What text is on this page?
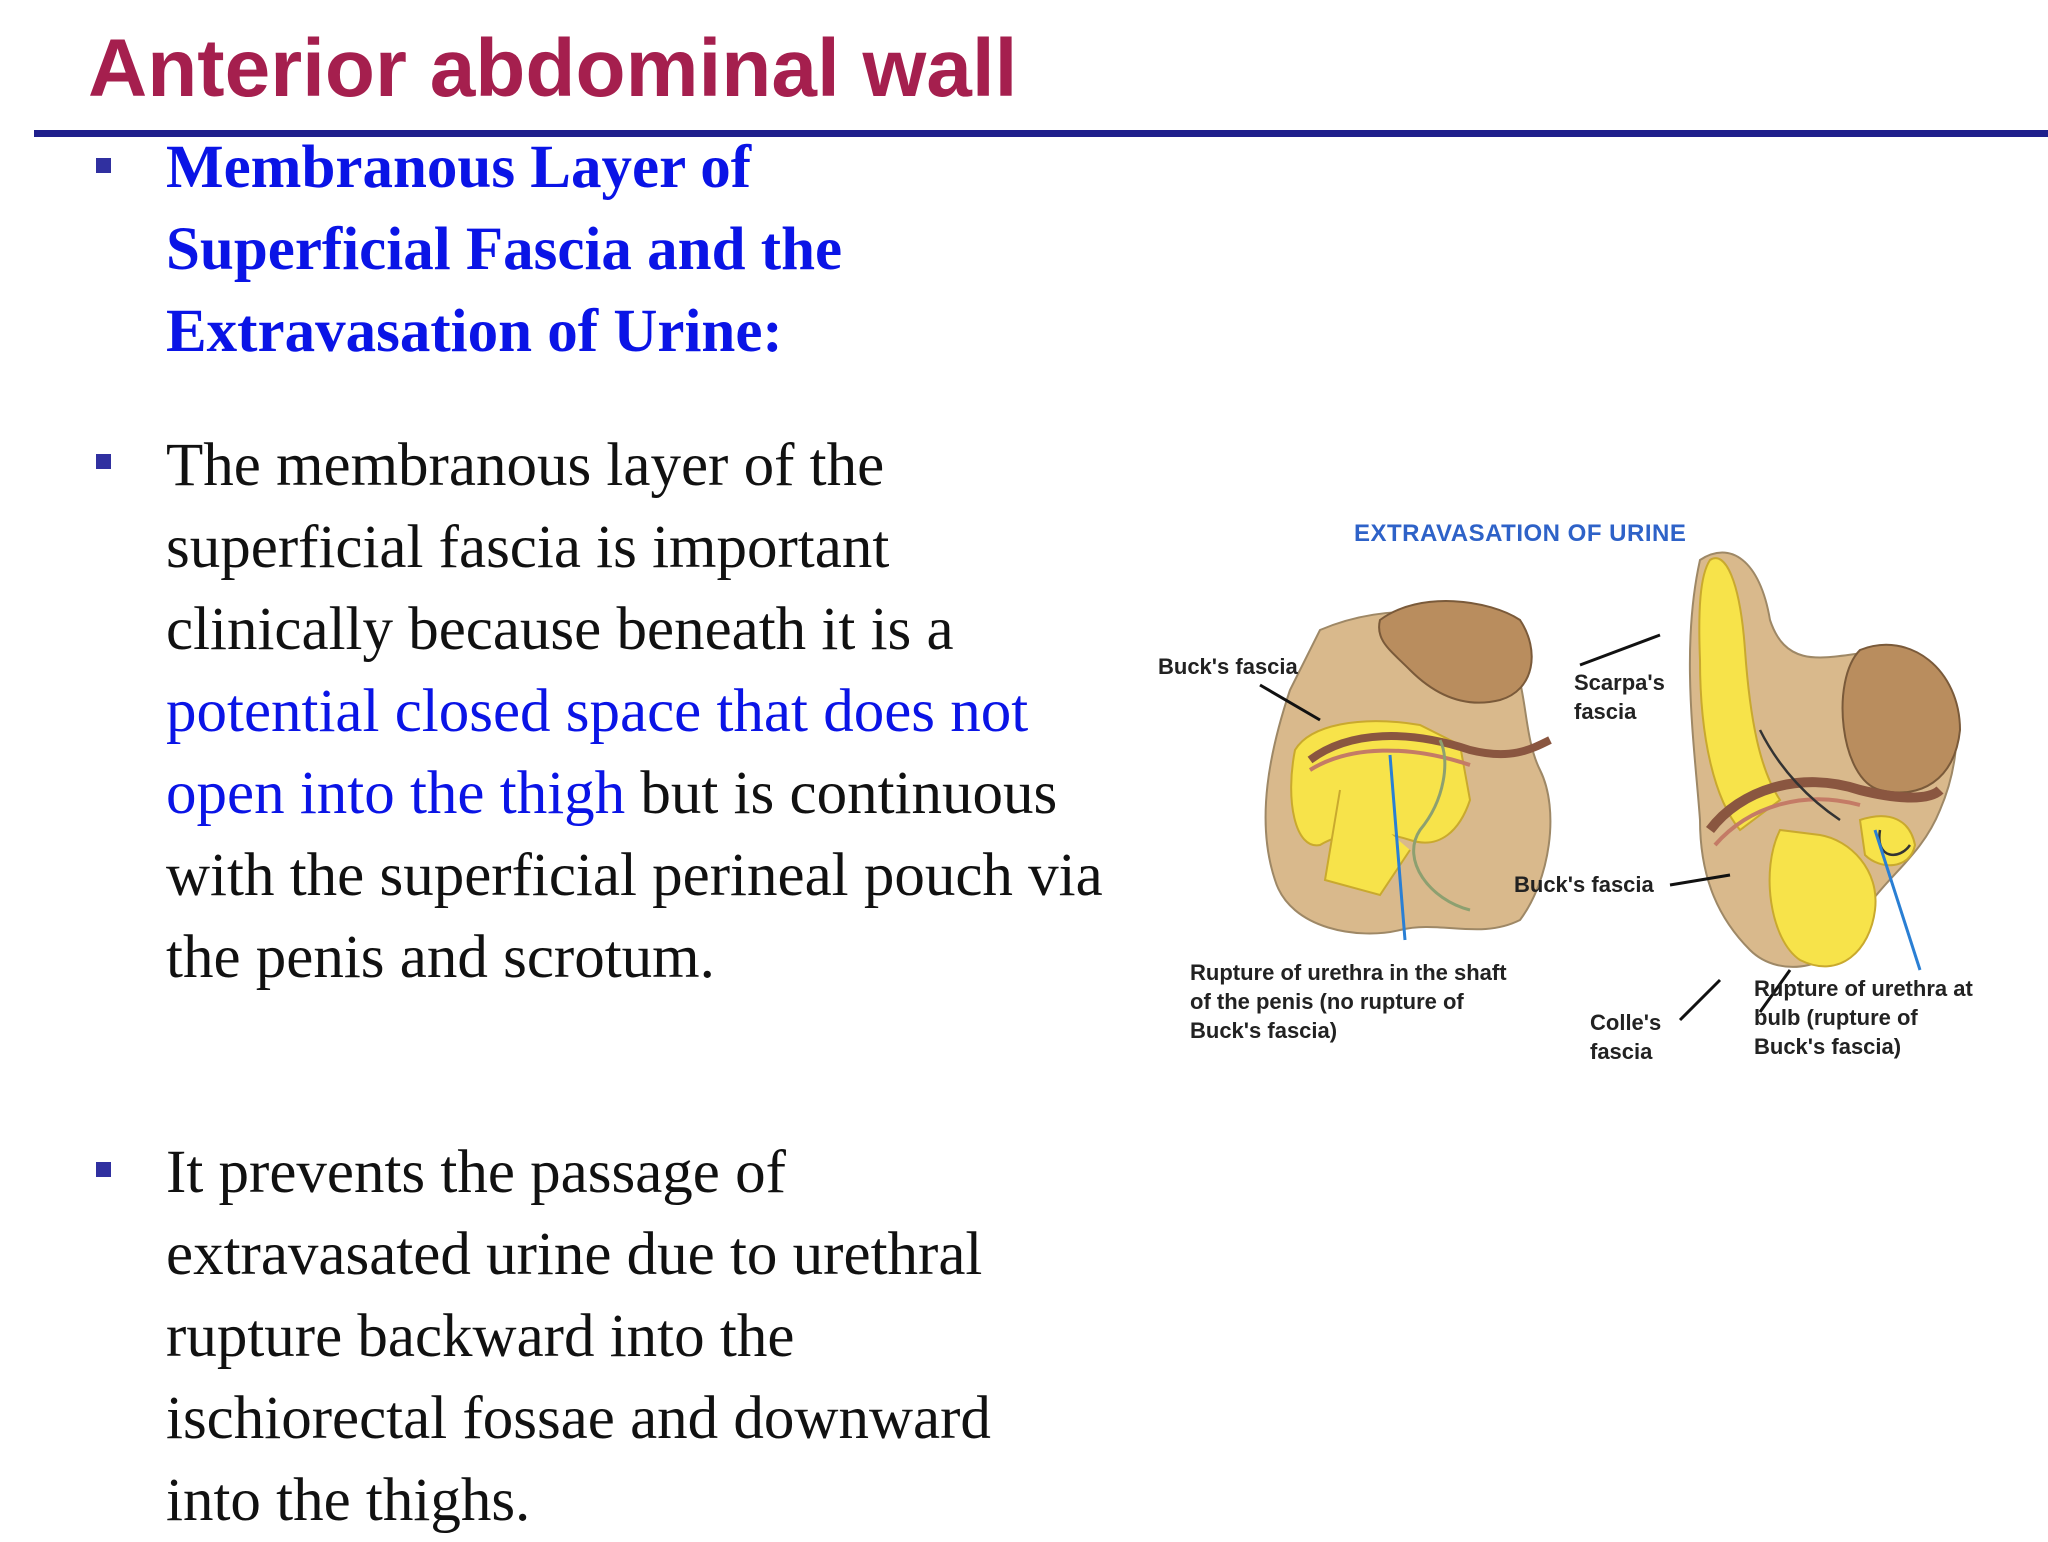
Anterior abdominal wall
Membranous Layer of Superficial Fascia and the Extravasation of Urine:
The membranous layer of the superficial fascia is important clinically because beneath it is a potential closed space that does not open into the thigh but is continuous with the superficial perineal pouch via the penis and scrotum.
It prevents the passage of extravasated urine due to urethral rupture backward into the ischiorectal fossae and downward into the thighs.
EXTRAVASATION OF URINE
Buck's fascia
Scarpa's fascia
Buck's fascia
Rupture of urethra in the shaft of the penis (no rupture of Buck's fascia)	Colle's fascia
Rupture of urethra at bulb (rupture of Buck's fascia)
